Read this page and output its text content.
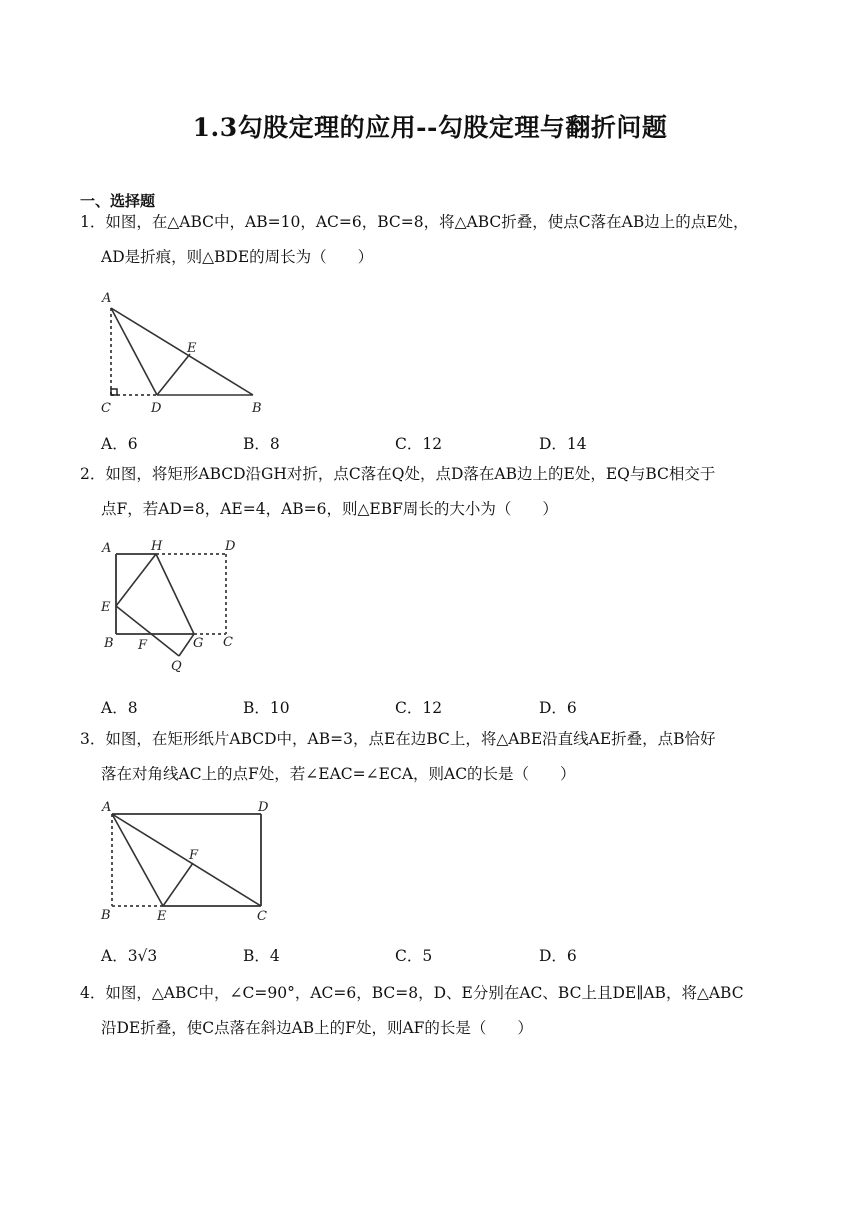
1.3勾股定理的应用--勾股定理与翻折问题
一、选择题
1．如图，在△ABC中，AB=10，AC=6，BC=8，将△ABC折叠，使点C落在AB边上的点E处，
AD是折痕，则△BDE的周长为（　　）
A
E
C	D	B
A．6	B．8	C．12	D．14
2．如图，将矩形ABCD沿GH对折，点C落在Q处，点D落在AB边上的E处，EQ与BC相交于
点F，若AD=8，AE=4，AB=6，则△EBF周长的大小为（　　）
A	H	D
E
B F	G C
Q
A．8	B．10	C．12	D．6
3．如图，在矩形纸片ABCD中，AB=3，点E在边BC上，将△ABE沿直线AE折叠，点B恰好
落在对角线AC上的点F处，若∠EAC=∠ECA，则AC的长是（　　）
A	D
F
B	E	C
A．3√3	B．4	C．5	D．6
4．如图，△ABC中，∠C=90°，AC=6，BC=8，D、E分别在AC、BC上且DE∥AB，将△ABC
沿DE折叠，使C点落在斜边AB上的F处，则AF的长是（　　）
